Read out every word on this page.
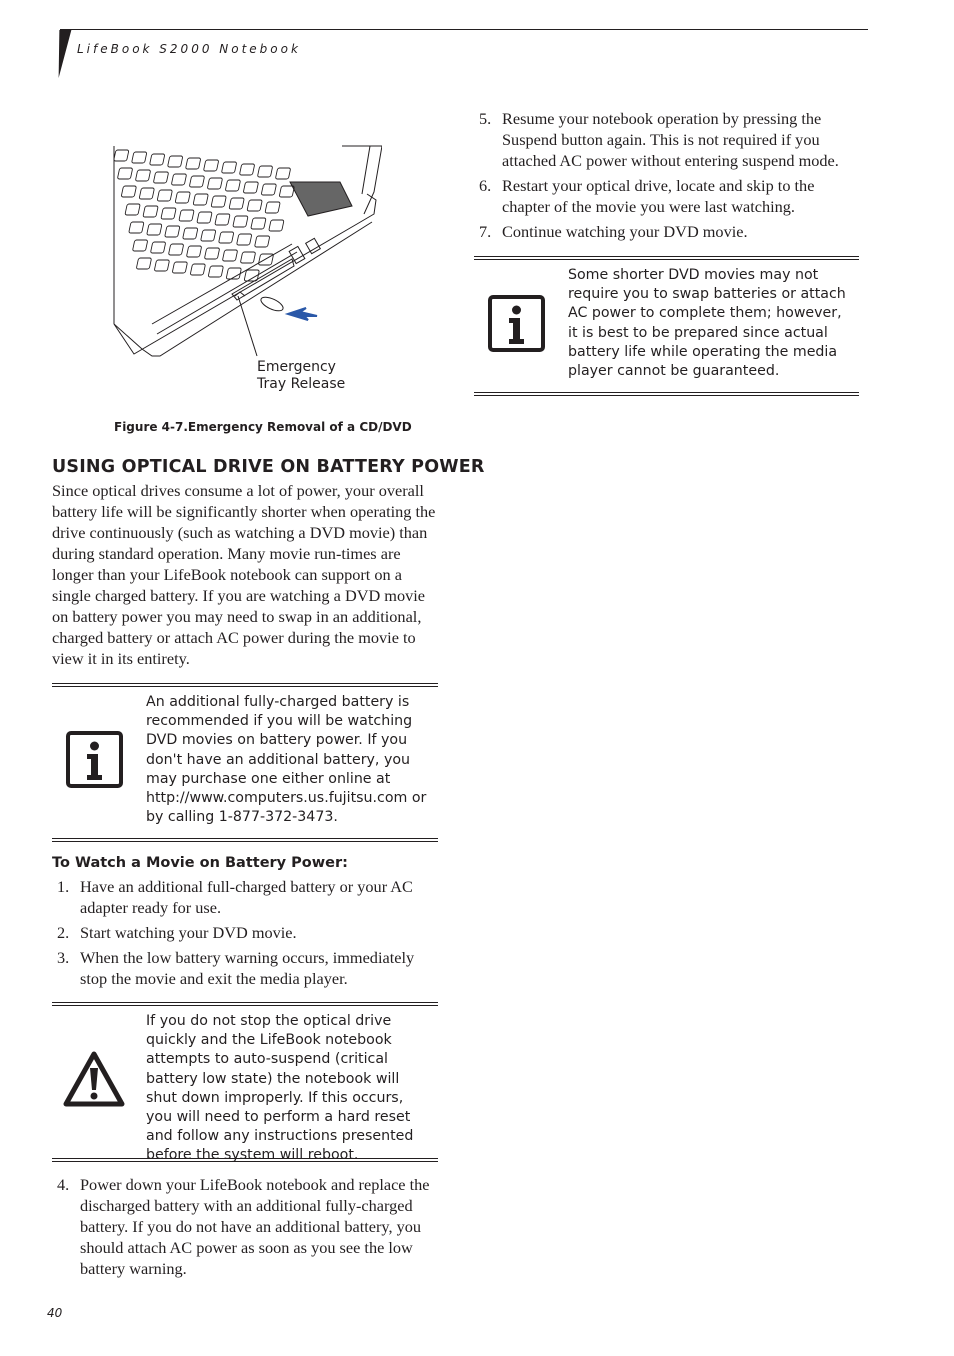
LifeBook S2000 Notebook
Emergency
Tray Release
Figure 4-7.Emergency Removal of a CD/DVD
USING OPTICAL DRIVE ON BATTERY POWER

Since optical drives consume a lot of power, your overall battery life will be significantly shorter when operating the drive continuously (such as watching a DVD movie) than during standard operation. Many movie run-times are longer than your LifeBook notebook can support on a single charged battery. If you are watching a DVD movie on battery power you may need to swap in an additional, charged battery or attach AC power during the movie to view it in its entirety.

An additional fully-charged battery is recommended if you will be watching DVD movies on battery power. If you don't have an additional battery, you may purchase one either online at http://www.computers.us.fujitsu.com or by calling 1-877-372-3473.
To Watch a Movie on Battery Power:
1. Have an additional full-charged battery or your AC adapter ready for use.
2. Start watching your DVD movie.
3. When the low battery warning occurs, immediately stop the movie and exit the media player.
If you do not stop the optical drive quickly and the LifeBook notebook attempts to auto-suspend (critical battery low state) the notebook will shut down improperly. If this occurs, you will need to perform a hard reset and follow any instructions presented before the system will reboot.
4. Power down your LifeBook notebook and replace the discharged battery with an additional fully-charged battery. If you do not have an additional battery, you should attach AC power as soon as you see the low battery warning.
5. Resume your notebook operation by pressing the Suspend button again. This is not required if you attached AC power without entering suspend mode.
6. Restart your optical drive, locate and skip to the chapter of the movie you were last watching.
7. Continue watching your DVD movie.
Some shorter DVD movies may not require you to swap batteries or attach AC power to complete them; however, it is best to be prepared since actual battery life while operating the media player cannot be guaranteed.
40
